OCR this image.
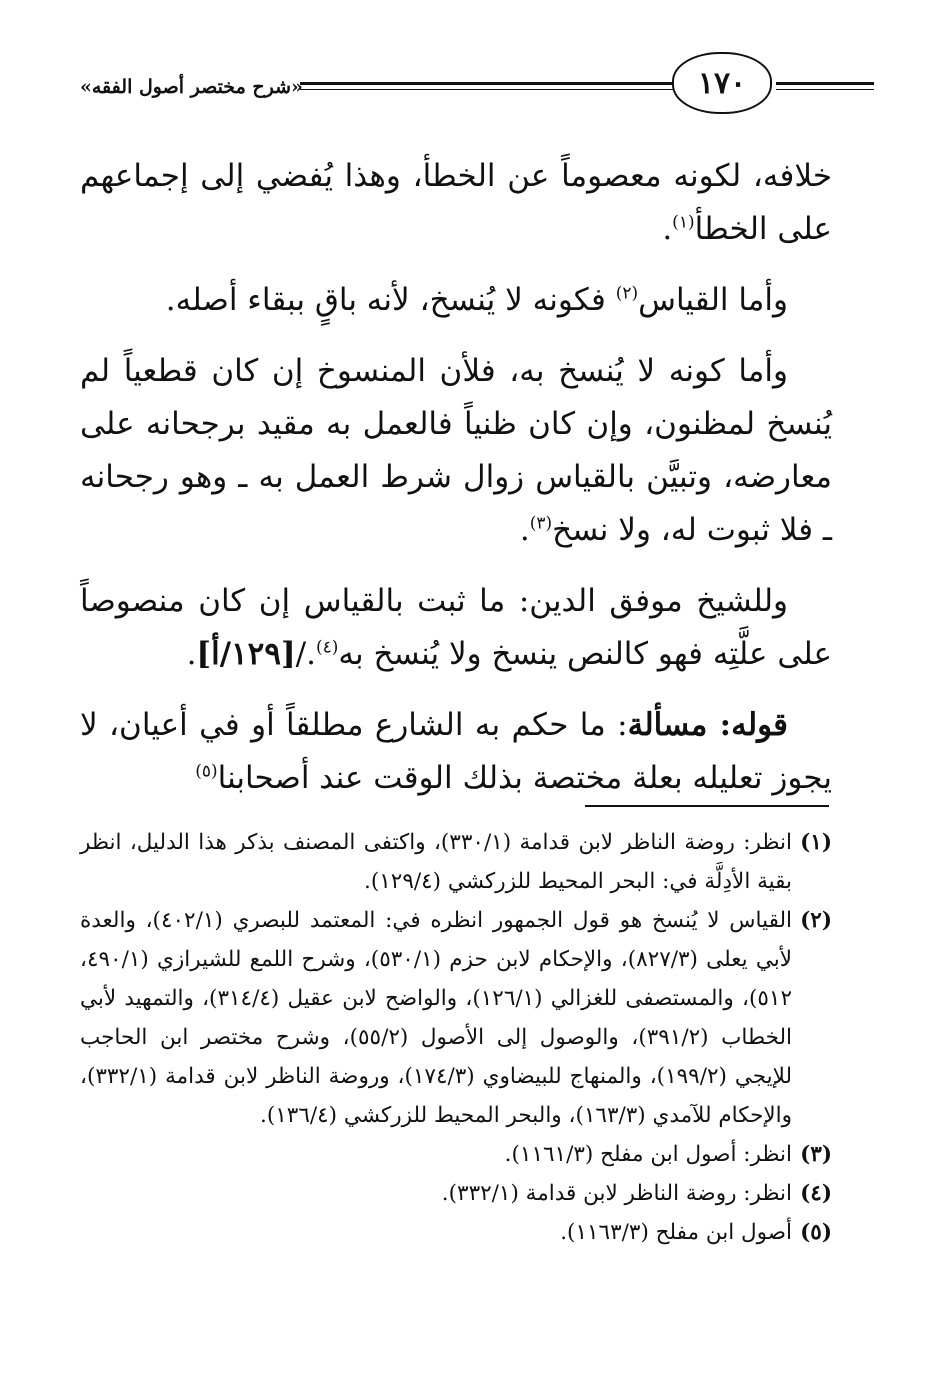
«شرح مختصر أصول الفقه»	١٧٠

خلافه، لكونه معصوماً عن الخطأ، وهذا يُفضي إلى إجماعهم على الخطأ$^{(١)}$.

وأما القياس$^{(٢)}$ فكونه لا يُنسخ، لأنه باقٍ ببقاء أصله.

وأما كونه لا يُنسخ به، فلأن المنسوخ إن كان قطعياً لم يُنسخ لمظنون، وإن كان ظنياً فالعمل به مقيد برجحانه على معارضه، وتبيَّن بالقياس زوال شرط العمل به ـ وهو رجحانه ـ فلا ثبوت له، ولا نسخ$^{(٣)}$.

وللشيخ موفق الدين: ما ثبت بالقياس إن كان منصوصاً على علَّتِه فهو كالنص ينسخ ولا يُنسخ به$^{(٤)}$./[١٢٩/أ].

قوله: مسألة: ما حكم به الشارع مطلقاً أو في أعيان، لا يجوز تعليله بعلة مختصة بذلك الوقت عند أصحابنا$^{(٥)}$

(١)
انظر: روضة الناظر لابن قدامة (٣٣٠/١)، واكتفى المصنف بذكر هذا الدليل، انظر بقية الأدِلَّة في: البحر المحيط للزركشي (١٢٩/٤).

(٢)
القياس لا يُنسخ هو قول الجمهور انظره في: المعتمد للبصري (٤٠٢/١)، والعدة لأبي يعلى (٨٢٧/٣)، والإحكام لابن حزم (٥٣٠/١)، وشرح اللمع للشيرازي (٤٩٠/١، ٥١٢)، والمستصفى للغزالي (١٢٦/١)، والواضح لابن عقيل (٣١٤/٤)، والتمهيد لأبي الخطاب (٣٩١/٢)، والوصول إلى الأصول (٥٥/٢)، وشرح مختصر ابن الحاجب للإيجي (١٩٩/٢)، والمنهاج للبيضاوي (١٧٤/٣)، وروضة الناظر لابن قدامة (٣٣٢/١)، والإحكام للآمدي (١٦٣/٣)، والبحر المحيط للزركشي (١٣٦/٤).

(٣)
انظر: أصول ابن مفلح (١١٦١/٣).

(٤)
انظر: روضة الناظر لابن قدامة (٣٣٢/١).

(٥)
أصول ابن مفلح (١١٦٣/٣).
